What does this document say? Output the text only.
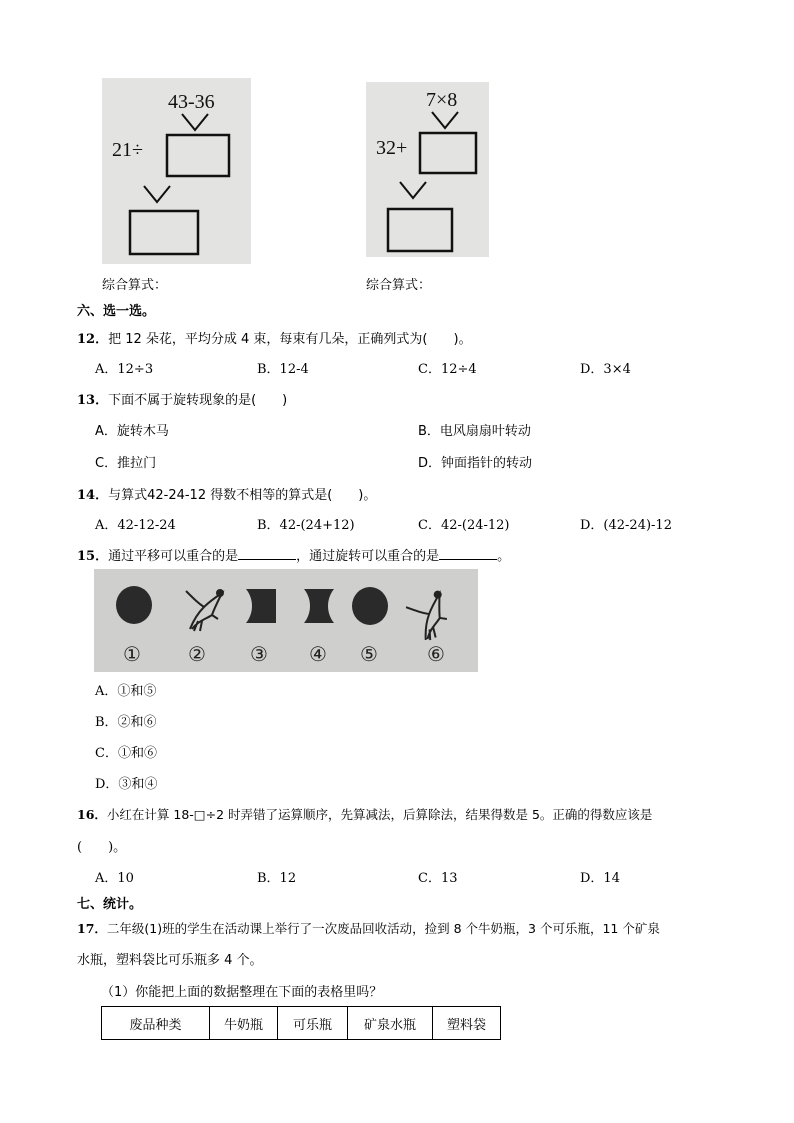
43-36
21÷
综合算式：
7×8
32+
综合算式：
六、选一选。
12．把 12 朵花，平均分成 4 束，每束有几朵，正确列式为(　　)。
A．12÷3	B．12-4	C．12÷4	D．3×4
13．下面不属于旋转现象的是(　　)
A．旋转木马	B．电风扇扇叶转动
C．推拉门	D．钟面指针的转动
14．与算式42-24-12 得数不相等的算式是(　　)。
A．42-12-24	B．42-(24+12)	C．42-(24-12)	D．(42-24)-12
15．通过平移可以重合的是	，通过旋转可以重合的是	。
① ② ③ ④ ⑤ ⑥
A．①和⑤
B．②和⑥
C．①和⑥
D．③和④
16．小红在计算 18-□÷2 时弄错了运算顺序，先算减法，后算除法，结果得数是 5。正确的得数应该是
(　　)。
A．10	B．12	C．13	D．14
七、统计。
17．二年级(1)班的学生在活动课上举行了一次废品回收活动，捡到 8 个牛奶瓶，3 个可乐瓶，11 个矿泉
水瓶，塑料袋比可乐瓶多 4 个。
（1）你能把上面的数据整理在下面的表格里吗？
废品种类	牛奶瓶	可乐瓶	矿泉水瓶	塑料袋
